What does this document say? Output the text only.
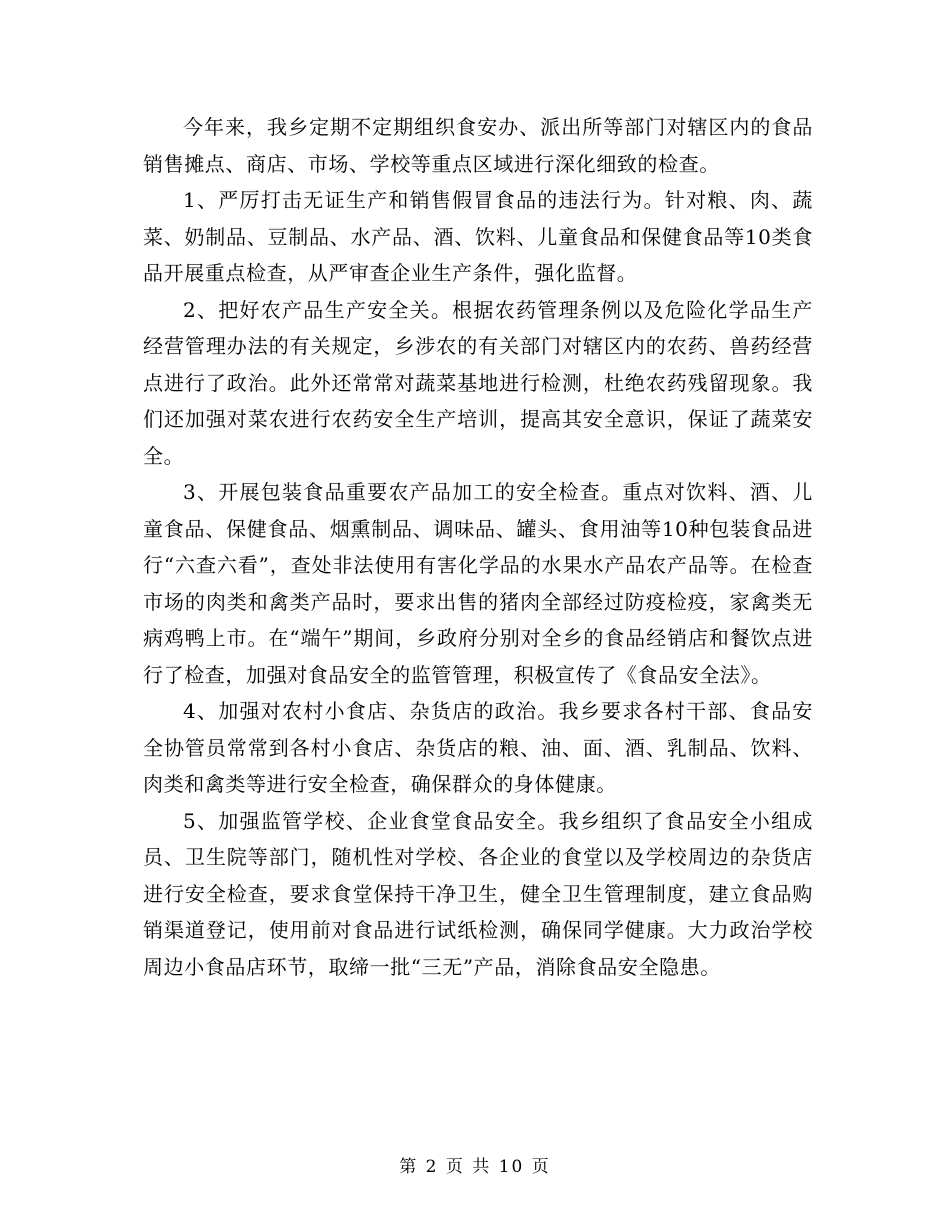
今年来，我乡定期不定期组织食安办、派出所等部门对辖区内的食品销售摊点、商店、市场、学校等重点区域进行深化细致的检查。

1、严厉打击无证生产和销售假冒食品的违法行为。针对粮、肉、蔬菜、奶制品、豆制品、水产品、酒、饮料、儿童食品和保健食品等10类食品开展重点检查，从严审查企业生产条件，强化监督。

2、把好农产品生产安全关。根据农药管理条例以及危险化学品生产经营管理办法的有关规定，乡涉农的有关部门对辖区内的农药、兽药经营点进行了政治。此外还常常对蔬菜基地进行检测，杜绝农药残留现象。我们还加强对菜农进行农药安全生产培训，提高其安全意识，保证了蔬菜安全。

3、开展包装食品重要农产品加工的安全检查。重点对饮料、酒、儿童食品、保健食品、烟熏制品、调味品、罐头、食用油等10种包装食品进行“六查六看”，查处非法使用有害化学品的水果水产品农产品等。在检查市场的肉类和禽类产品时，要求出售的猪肉全部经过防疫检疫，家禽类无病鸡鸭上市。在“端午”期间，乡政府分别对全乡的食品经销店和餐饮点进行了检查，加强对食品安全的监管管理，积极宣传了《食品安全法》。

4、加强对农村小食店、杂货店的政治。我乡要求各村干部、食品安全协管员常常到各村小食店、杂货店的粮、油、面、酒、乳制品、饮料、肉类和禽类等进行安全检查，确保群众的身体健康。

5、加强监管学校、企业食堂食品安全。我乡组织了食品安全小组成员、卫生院等部门，随机性对学校、各企业的食堂以及学校周边的杂货店进行安全检查，要求食堂保持干净卫生，健全卫生管理制度，建立食品购销渠道登记，使用前对食品进行试纸检测，确保同学健康。大力政治学校周边小食品店环节，取缔一批“三无”产品，消除食品安全隐患。

第 2 页 共 10 页
